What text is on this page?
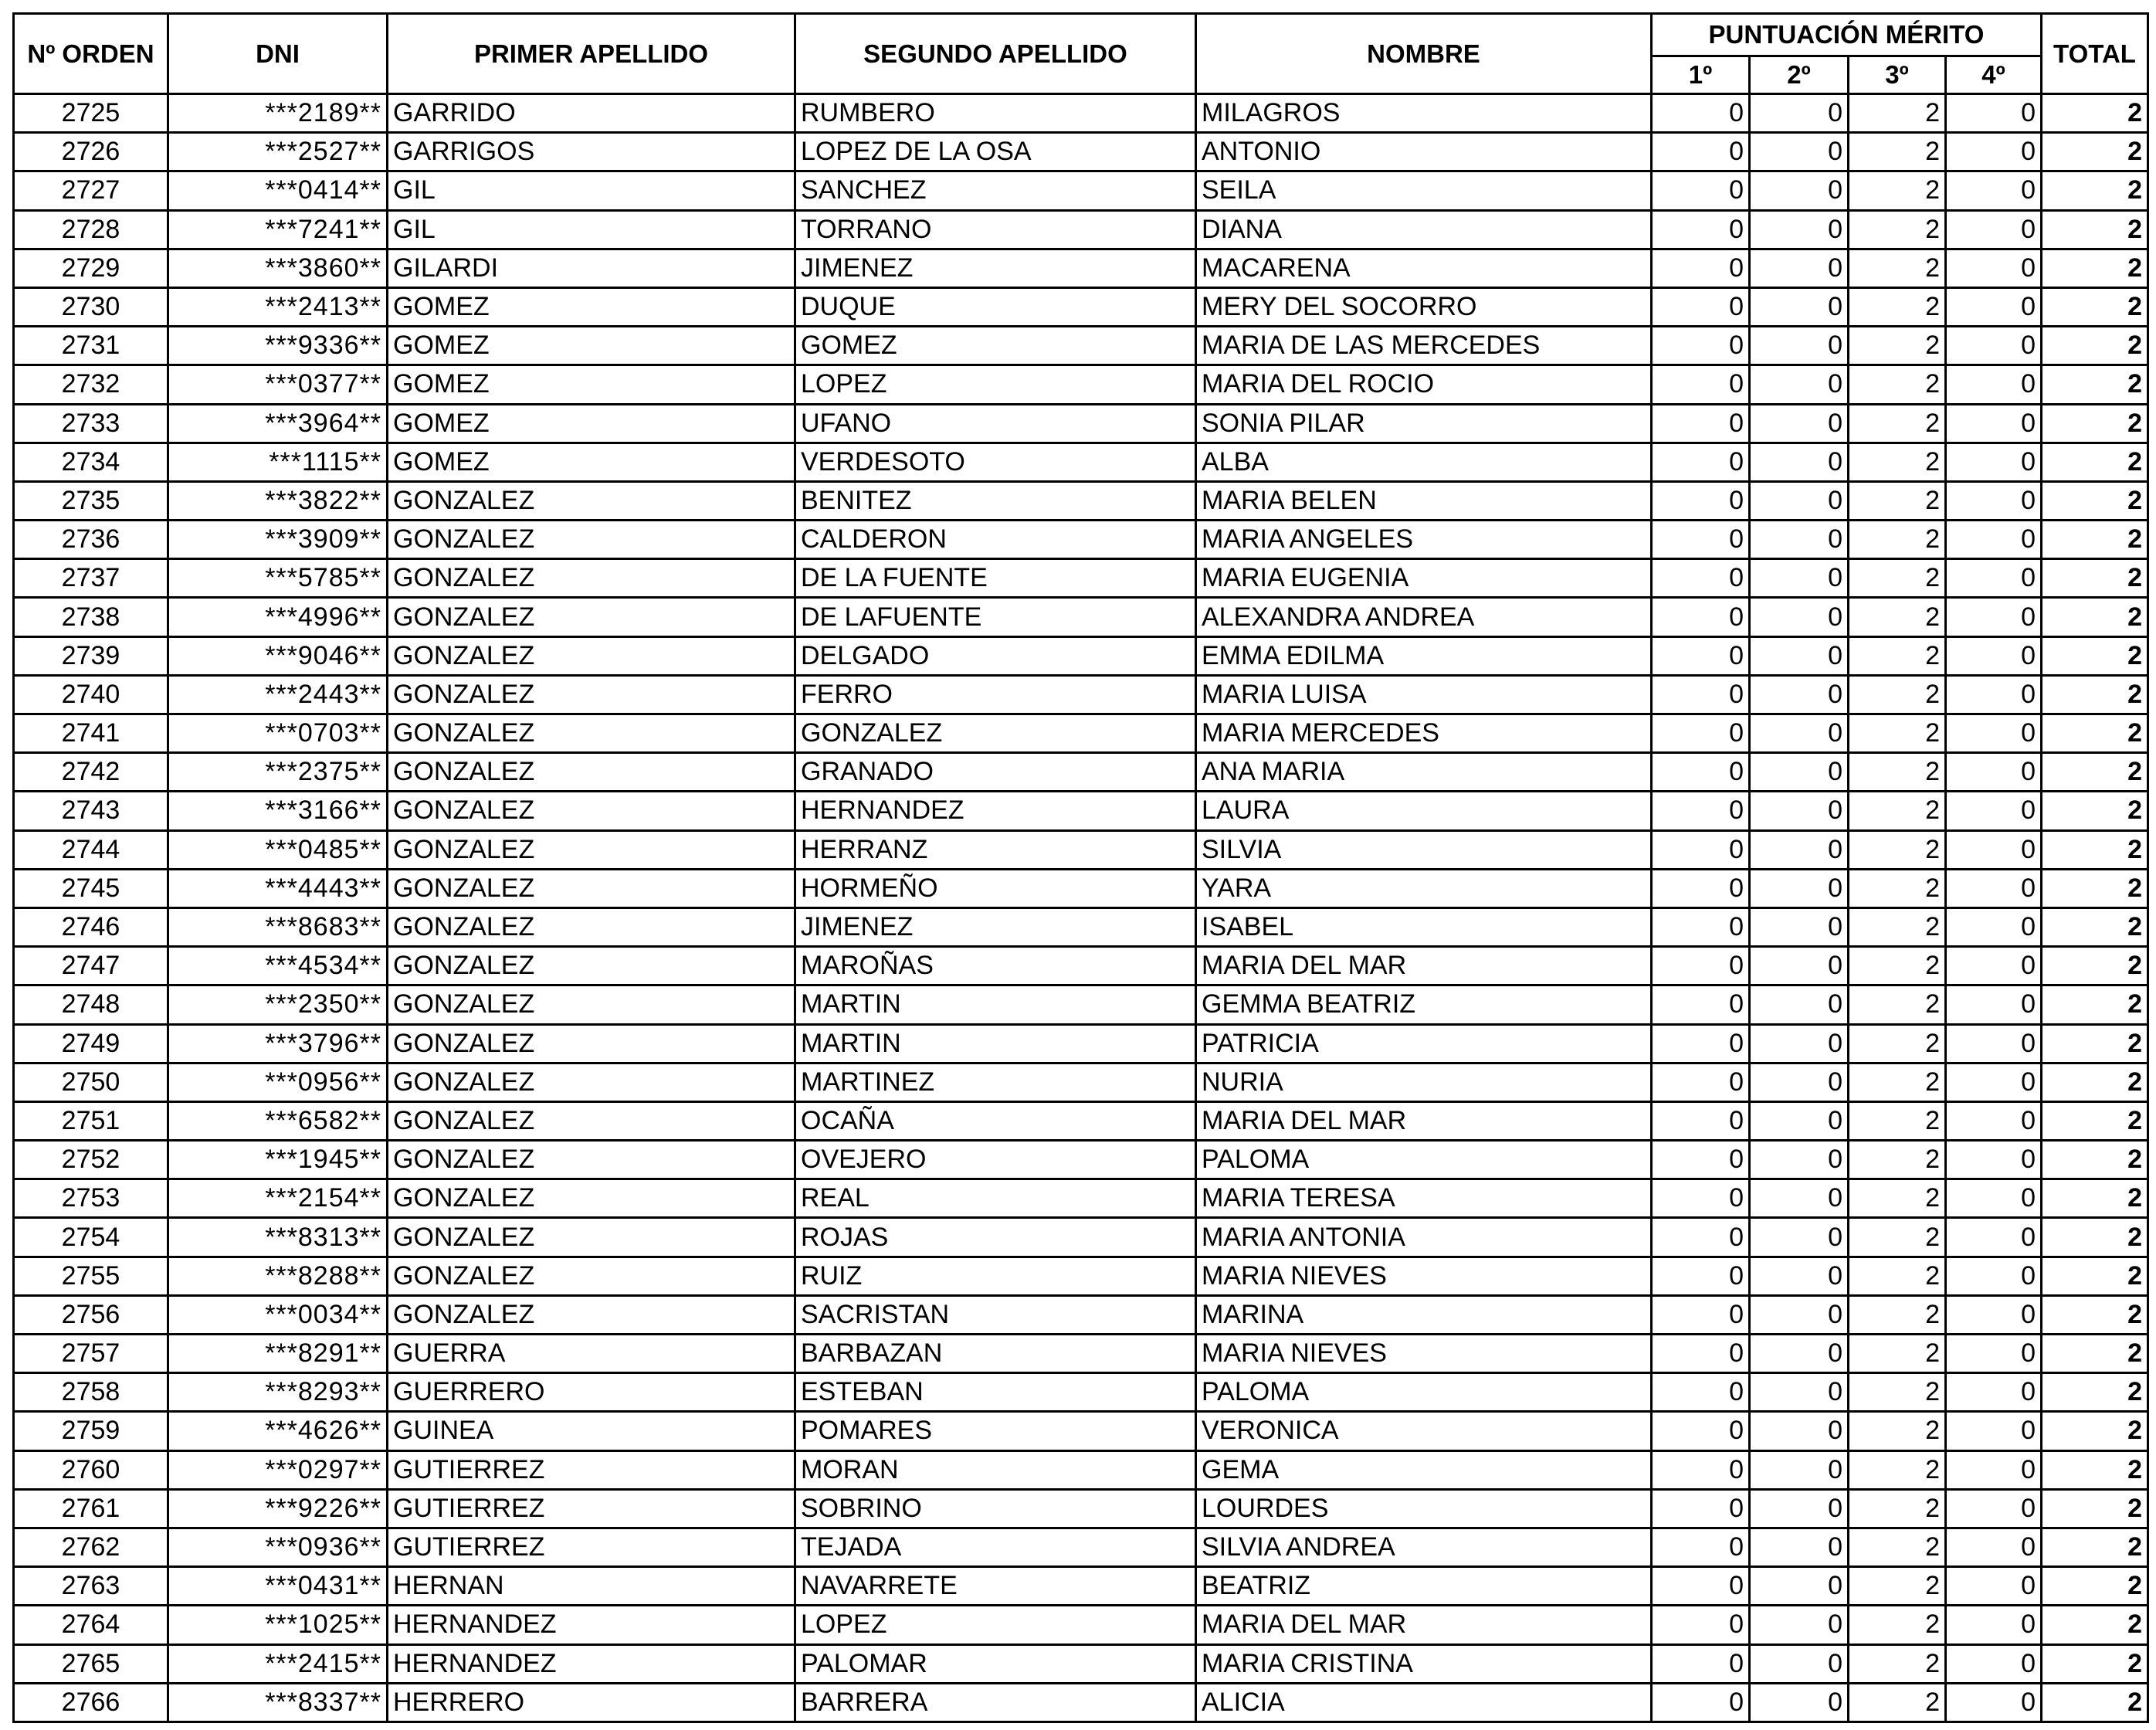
Nº ORDEN	DNI	PRIMER APELLIDO	SEGUNDO APELLIDO	NOMBRE	PUNTUACIÓN MÉRITO				TOTAL
					1º	2º	3º	4º	
2725	***2189**	GARRIDO	RUMBERO	MILAGROS	0	0	2	0	2
2726	***2527**	GARRIGOS	LOPEZ DE LA OSA	ANTONIO	0	0	2	0	2
2727	***0414**	GIL	SANCHEZ	SEILA	0	0	2	0	2
2728	***7241**	GIL	TORRANO	DIANA	0	0	2	0	2
2729	***3860**	GILARDI	JIMENEZ	MACARENA	0	0	2	0	2
2730	***2413**	GOMEZ	DUQUE	MERY DEL SOCORRO	0	0	2	0	2
2731	***9336**	GOMEZ	GOMEZ	MARIA DE LAS MERCEDES	0	0	2	0	2
2732	***0377**	GOMEZ	LOPEZ	MARIA DEL ROCIO	0	0	2	0	2
2733	***3964**	GOMEZ	UFANO	SONIA PILAR	0	0	2	0	2
2734	***1115**	GOMEZ	VERDESOTO	ALBA	0	0	2	0	2
2735	***3822**	GONZALEZ	BENITEZ	MARIA BELEN	0	0	2	0	2
2736	***3909**	GONZALEZ	CALDERON	MARIA ANGELES	0	0	2	0	2
2737	***5785**	GONZALEZ	DE LA FUENTE	MARIA EUGENIA	0	0	2	0	2
2738	***4996**	GONZALEZ	DE LAFUENTE	ALEXANDRA ANDREA	0	0	2	0	2
2739	***9046**	GONZALEZ	DELGADO	EMMA EDILMA	0	0	2	0	2
2740	***2443**	GONZALEZ	FERRO	MARIA LUISA	0	0	2	0	2
2741	***0703**	GONZALEZ	GONZALEZ	MARIA MERCEDES	0	0	2	0	2
2742	***2375**	GONZALEZ	GRANADO	ANA MARIA	0	0	2	0	2
2743	***3166**	GONZALEZ	HERNANDEZ	LAURA	0	0	2	0	2
2744	***0485**	GONZALEZ	HERRANZ	SILVIA	0	0	2	0	2
2745	***4443**	GONZALEZ	HORMEÑO	YARA	0	0	2	0	2
2746	***8683**	GONZALEZ	JIMENEZ	ISABEL	0	0	2	0	2
2747	***4534**	GONZALEZ	MAROÑAS	MARIA DEL MAR	0	0	2	0	2
2748	***2350**	GONZALEZ	MARTIN	GEMMA BEATRIZ	0	0	2	0	2
2749	***3796**	GONZALEZ	MARTIN	PATRICIA	0	0	2	0	2
2750	***0956**	GONZALEZ	MARTINEZ	NURIA	0	0	2	0	2
2751	***6582**	GONZALEZ	OCAÑA	MARIA DEL MAR	0	0	2	0	2
2752	***1945**	GONZALEZ	OVEJERO	PALOMA	0	0	2	0	2
2753	***2154**	GONZALEZ	REAL	MARIA TERESA	0	0	2	0	2
2754	***8313**	GONZALEZ	ROJAS	MARIA ANTONIA	0	0	2	0	2
2755	***8288**	GONZALEZ	RUIZ	MARIA NIEVES	0	0	2	0	2
2756	***0034**	GONZALEZ	SACRISTAN	MARINA	0	0	2	0	2
2757	***8291**	GUERRA	BARBAZAN	MARIA NIEVES	0	0	2	0	2
2758	***8293**	GUERRERO	ESTEBAN	PALOMA	0	0	2	0	2
2759	***4626**	GUINEA	POMARES	VERONICA	0	0	2	0	2
2760	***0297**	GUTIERREZ	MORAN	GEMA	0	0	2	0	2
2761	***9226**	GUTIERREZ	SOBRINO	LOURDES	0	0	2	0	2
2762	***0936**	GUTIERREZ	TEJADA	SILVIA ANDREA	0	0	2	0	2
2763	***0431**	HERNAN	NAVARRETE	BEATRIZ	0	0	2	0	2
2764	***1025**	HERNANDEZ	LOPEZ	MARIA DEL MAR	0	0	2	0	2
2765	***2415**	HERNANDEZ	PALOMAR	MARIA CRISTINA	0	0	2	0	2
2766	***8337**	HERRERO	BARRERA	ALICIA	0	0	2	0	2
